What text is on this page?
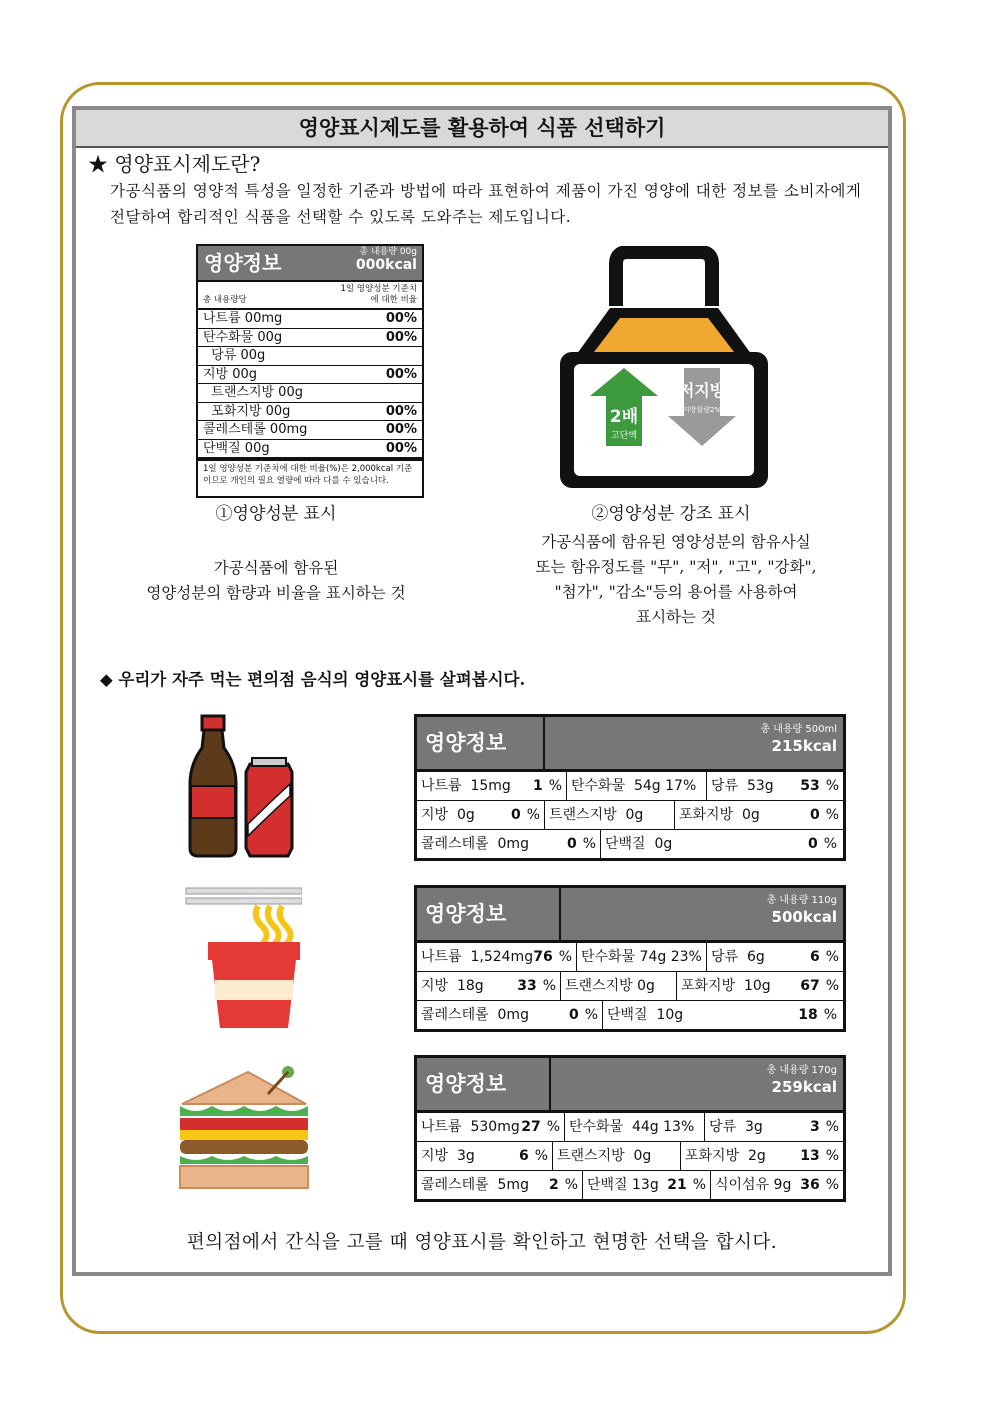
영양표시제도를 활용하여 식품 선택하기
★ 영양표시제도란?
가공식품의 영양적 특성을 일정한 기준과 방법에 따라 표현하여 제품이 가진 영양에 대한 정보를 소비자에게 전달하여 합리적인 식품을 선택할 수 있도록 도와주는 제도입니다.
영양정보	총 내용량 00g
000kcal
총 내용량당
1일 영양성분 기준치에 대한 비율
나트륨 00mg	00%
탄수화물 00g	00%
당류 00g
지방 00g	00%
트랜스지방 00g
포화지방 00g	00%
콜레스테롤 00mg	00%
단백질 00g	00%
1일 영양성분 기준치에 대한 비율(%)은 2,000kcal 기준이므로 개인의 필요 열량에 따라 다를 수 있습니다.
2배
고단백
저지방
지방함량2%
①영양성분 표시
가공식품에 함유된
영양성분의 함량과 비율을 표시하는 것
②영양성분 강조 표시
가공식품에 함유된 영양성분의 함유사실
또는 함유정도를 "무", "저", "고", "강화",
"첨가", "감소"등의 용어를 사용하여
표시하는 것
◆ 우리가 자주 먹는 편의점 음식의 영양표시를 살펴봅시다.
영양정보
총 내용량 500ml
215kcal
나트륨  15mg 1 % 탄수화물  54g 17% 당류  53g 53 %
지방  0g	0 % 트랜스지방  0g	포화지방  0g	0 %
콜레스테롤  0mg	0 % 단백질  0g	0 %
영양정보
총 내용량 110g
500kcal
나트륨  1,524mg 76 % 탄수화물 74g 23% 당류  6g	6 %
지방  18g 33 % 트랜스지방 0g 포화지방  10g 67 %
콜레스테롤  0mg	0 % 단백질  10g	18 %
영양정보
총 내용량 170g
259kcal
나트륨  530mg 27 % 탄수화물  44g 13% 당류  3g	3 %
지방  3g	6 % 트랜스지방  0g 포화지방  2g 13 %
콜레스테롤  5mg 2 % 단백질 13g 21 % 식이섬유 9g 36 %
편의점에서 간식을 고를 때 영양표시를 확인하고 현명한 선택을 합시다.
